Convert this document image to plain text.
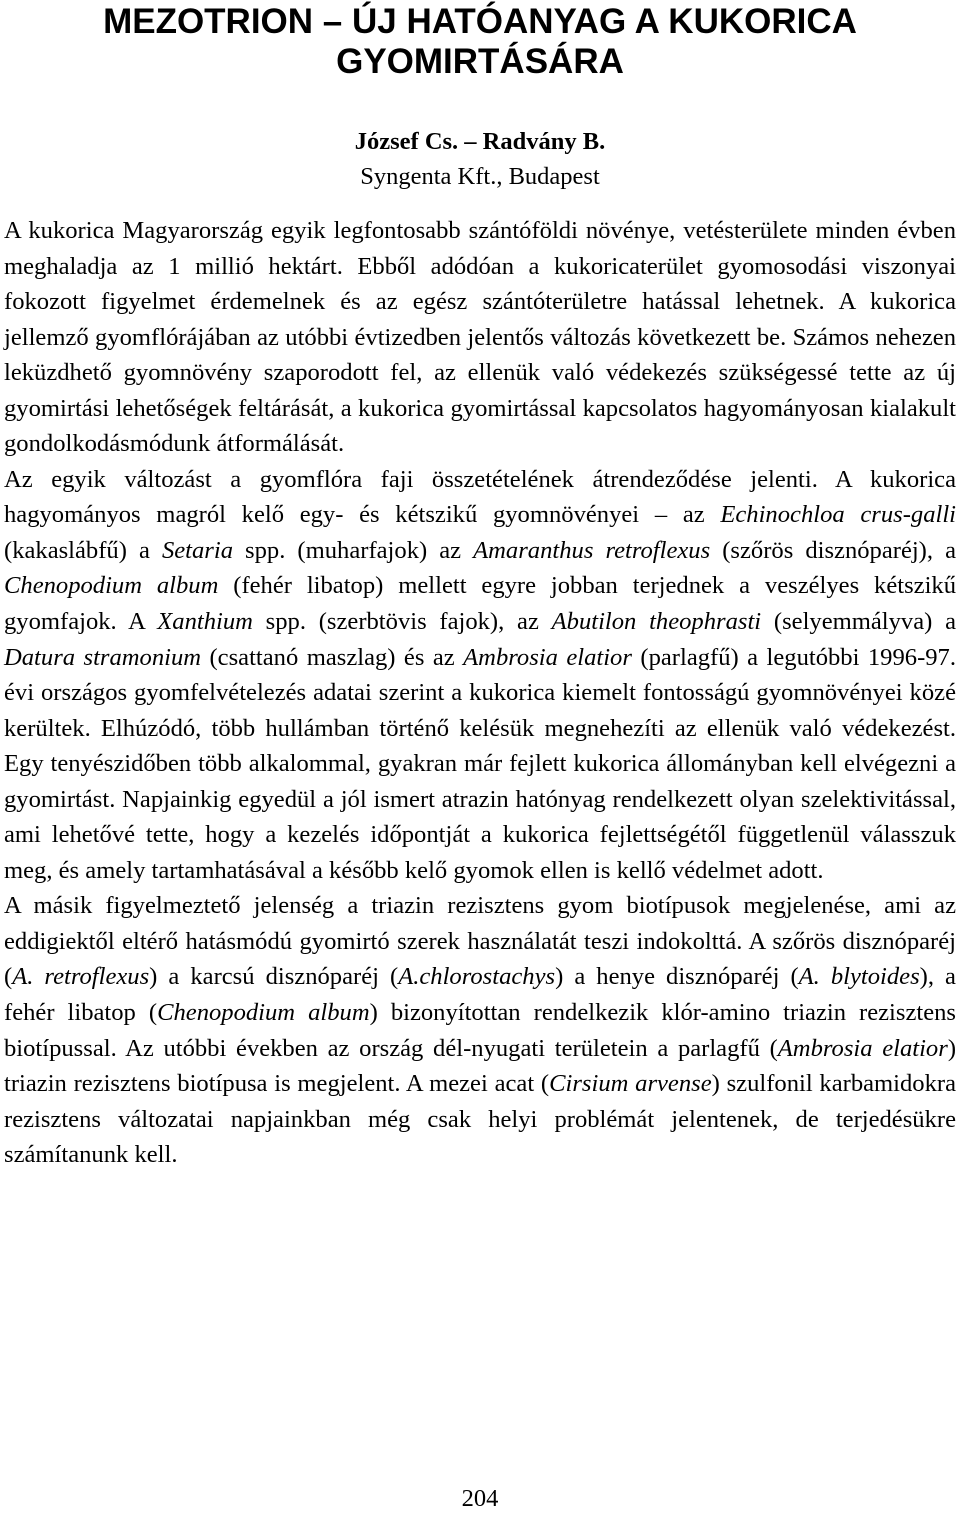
MEZOTRION – ÚJ HATÓANYAG A KUKORICA GYOMIRTÁSÁRA
József Cs. – Radvány B.
Syngenta Kft., Budapest

A kukorica Magyarország egyik legfontosabb szántóföldi növénye, vetésterülete minden évben meghaladja az 1 millió hektárt. Ebből adódóan a kukoricaterület gyomosodási viszonyai fokozott figyelmet érdemelnek és az egész szántóterületre hatással lehetnek. A kukorica jellemző gyomflórájában az utóbbi évtizedben jelentős változás következett be. Számos nehezen leküzdhető gyomnövény szaporodott fel, az ellenük való védekezés szükségessé tette az új gyomirtási lehetőségek feltárását, a kukorica gyomirtással kapcsolatos hagyományosan kialakult gondolkodásmódunk átformálását.

Az egyik változást a gyomflóra faji összetételének átrendeződése jelenti. A kukorica hagyományos magról kelő egy- és kétszikű gyomnövényei – az Echinochloa crus-galli (kakaslábfű) a Setaria spp. (muharfajok) az Amaranthus retroflexus (szőrös disznóparéj), a Chenopodium album (fehér libatop) mellett egyre jobban terjednek a veszélyes kétszikű gyomfajok. A Xanthium spp. (szerbtövis fajok), az Abutilon theophrasti (selyemmályva) a Datura stramonium (csattanó maszlag) és az Ambrosia elatior (parlagfű) a legutóbbi 1996-97. évi országos gyomfelvételezés adatai szerint a kukorica kiemelt fontosságú gyomnövényei közé kerültek. Elhúzódó, több hullámban történő kelésük megnehezíti az ellenük való védekezést. Egy tenyészidőben több alkalommal, gyakran már fejlett kukorica állományban kell elvégezni a gyomirtást. Napjainkig egyedül a jól ismert atrazin hatónyag rendelkezett olyan szelektivitással, ami lehetővé tette, hogy a kezelés időpontját a kukorica fejlettségétől függetlenül válasszuk meg, és amely tartamhatásával a később kelő gyomok ellen is kellő védelmet adott.

A másik figyelmeztető jelenség a triazin rezisztens gyom biotípusok megjelenése, ami az eddigiektől eltérő hatásmódú gyomirtó szerek használatát teszi indokolttá. A szőrös disznóparéj (A. retroflexus) a karcsú disznóparéj (A.chlorostachys) a henye disznóparéj (A. blytoides), a fehér libatop (Chenopodium album) bizonyítottan rendelkezik klór-amino triazin rezisztens biotípussal. Az utóbbi években az ország dél-nyugati területein a parlagfű (Ambrosia elatior) triazin rezisztens biotípusa is megjelent. A mezei acat (Cirsium arvense) szulfonil karbamidokra rezisztens változatai napjainkban még csak helyi problémát jelentenek, de terjedésükre számítanunk kell.

204
